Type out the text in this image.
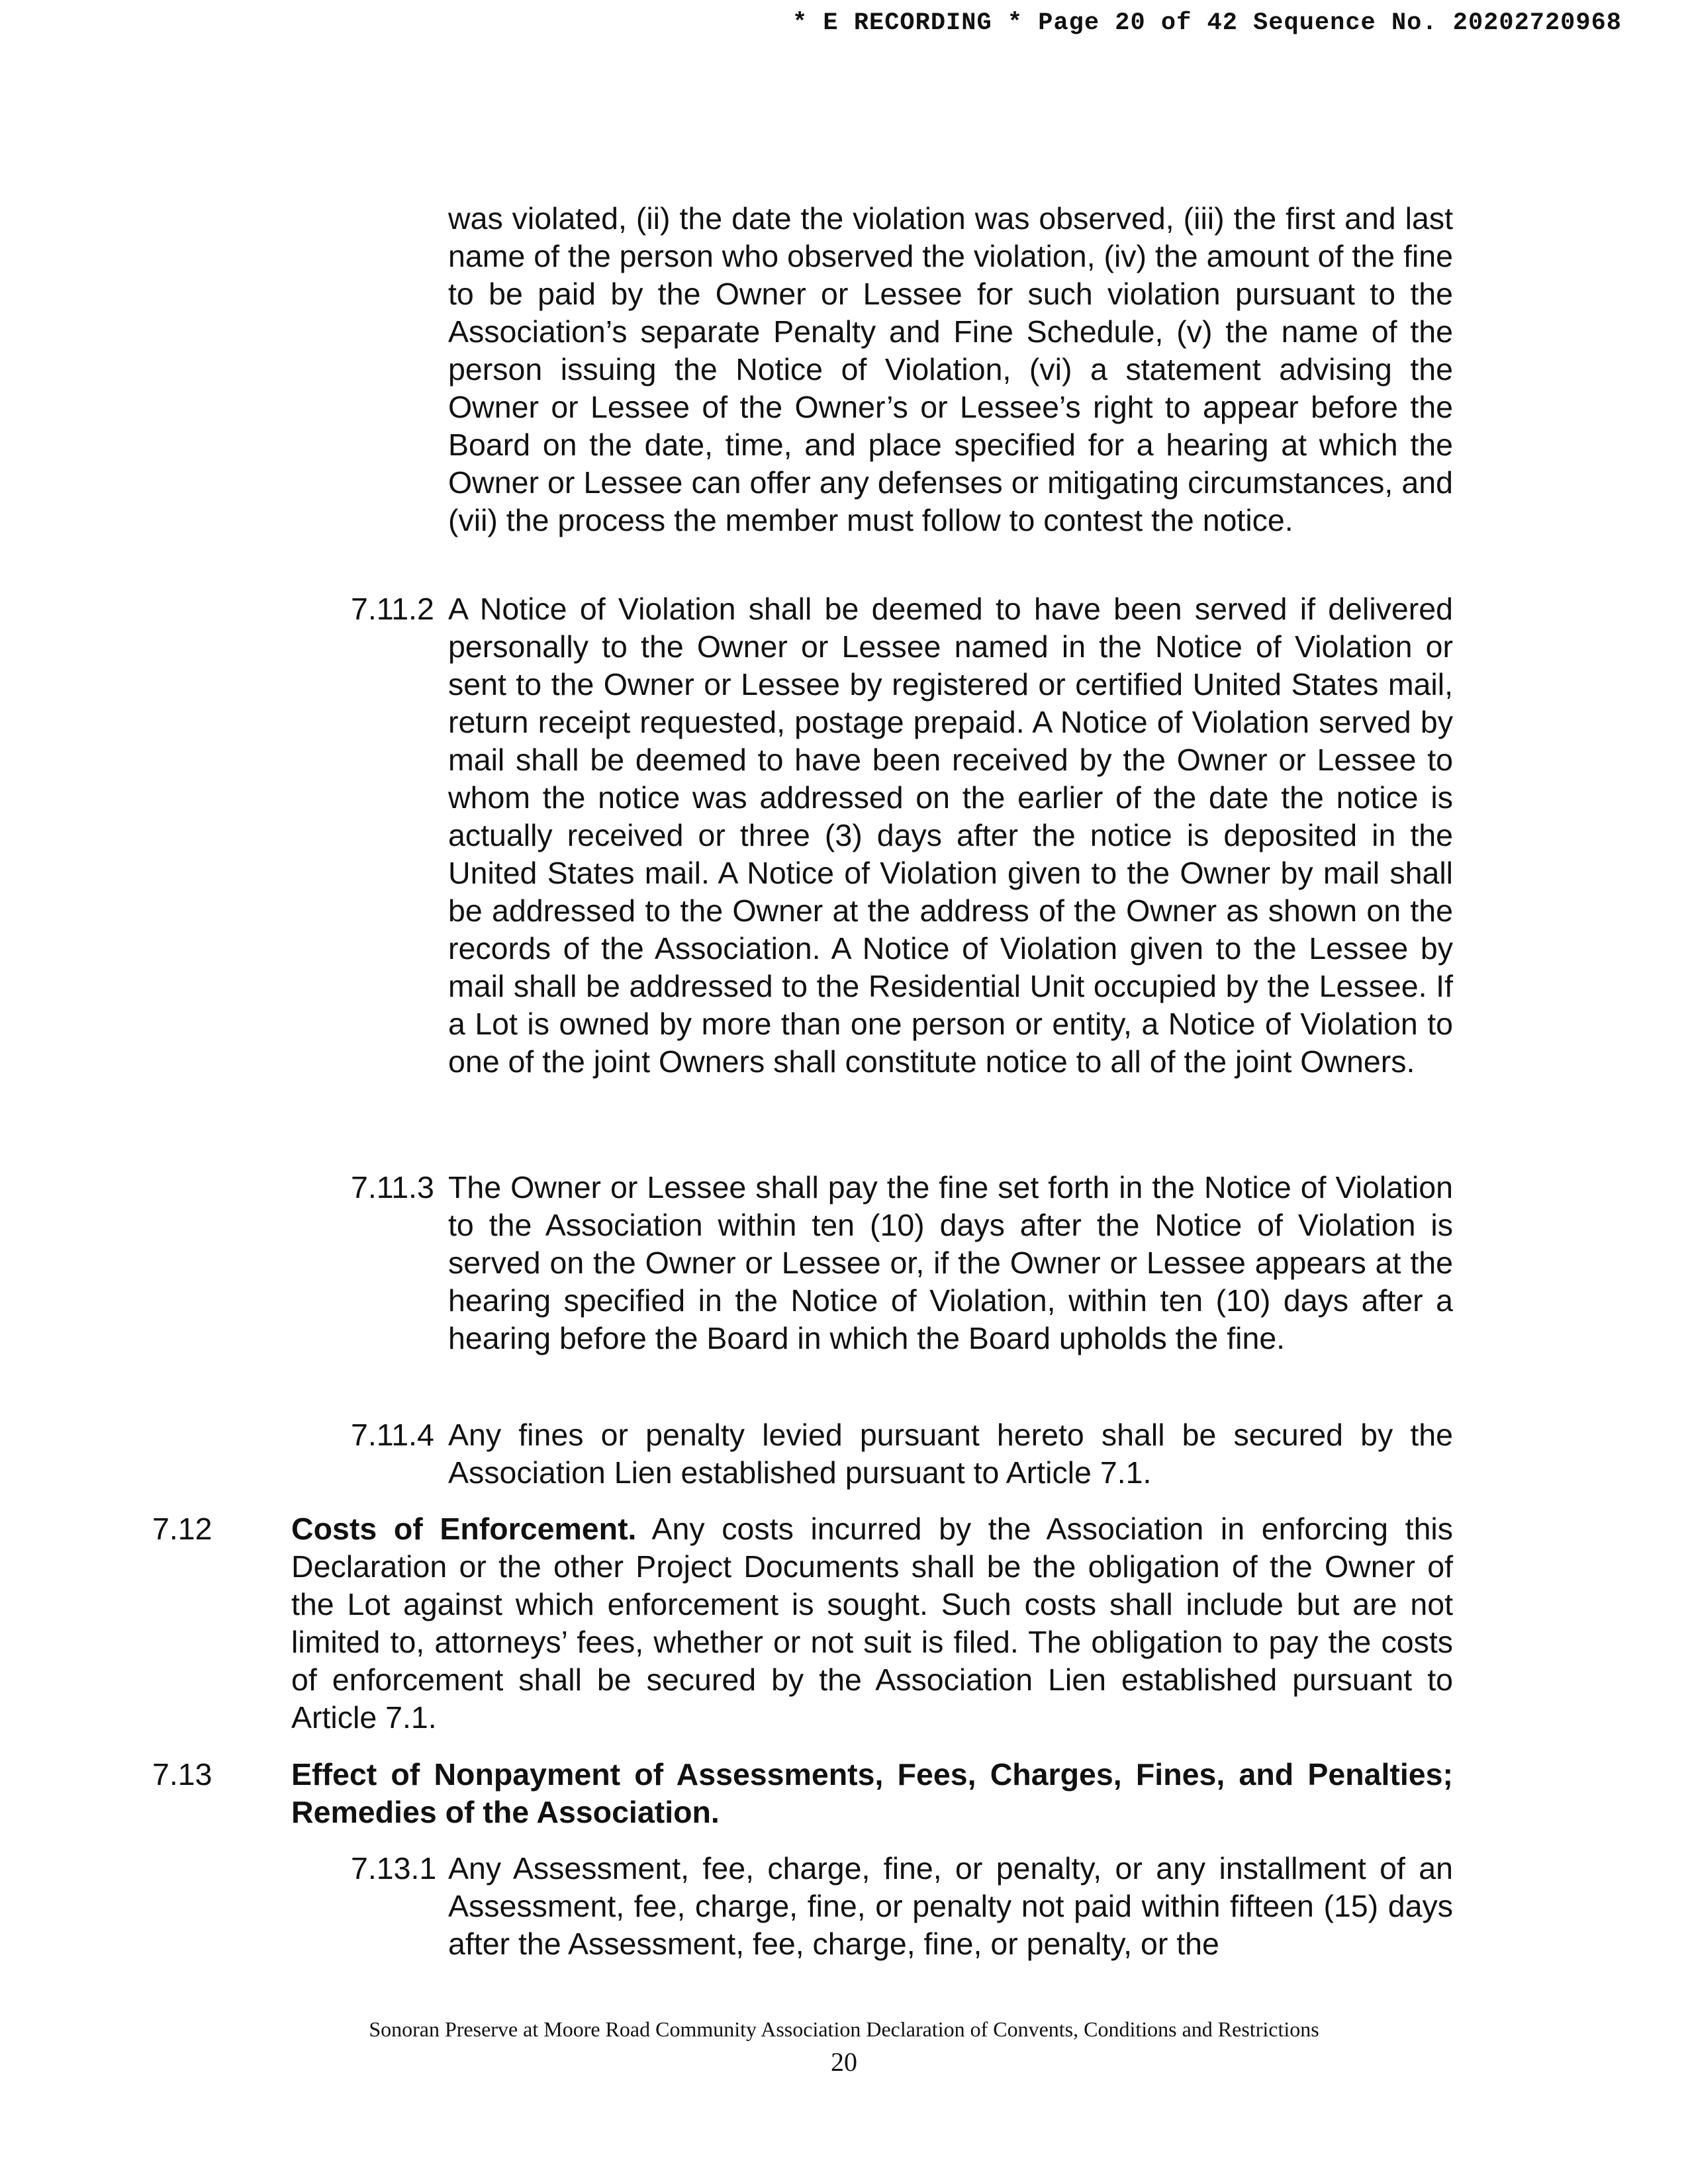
* E RECORDING * Page 20 of 42 Sequence No. 20202720968

was violated, (ii) the date the violation was observed, (iii) the first and last name of the person who observed the violation, (iv) the amount of the fine to be paid by the Owner or Lessee for such violation pursuant to the Association’s separate Penalty and Fine Schedule, (v) the name of the person issuing the Notice of Violation, (vi) a statement advising the Owner or Lessee of the Owner’s or Lessee’s right to appear before the Board on the date, time, and place specified for a hearing at which the Owner or Lessee can offer any defenses or mitigating circumstances, and (vii) the process the member must follow to contest the notice.

7.11.2 A Notice of Violation shall be deemed to have been served if delivered personally to the Owner or Lessee named in the Notice of Violation or sent to the Owner or Lessee by registered or certified United States mail, return receipt requested, postage prepaid. A Notice of Violation served by mail shall be deemed to have been received by the Owner or Lessee to whom the notice was addressed on the earlier of the date the notice is actually received or three (3) days after the notice is deposited in the United States mail. A Notice of Violation given to the Owner by mail shall be addressed to the Owner at the address of the Owner as shown on the records of the Association. A Notice of Violation given to the Lessee by mail shall be addressed to the Residential Unit occupied by the Lessee. If a Lot is owned by more than one person or entity, a Notice of Violation to one of the joint Owners shall constitute notice to all of the joint Owners.

7.11.3 The Owner or Lessee shall pay the fine set forth in the Notice of Violation to the Association within ten (10) days after the Notice of Violation is served on the Owner or Lessee or, if the Owner or Lessee appears at the hearing specified in the Notice of Violation, within ten (10) days after a hearing before the Board in which the Board upholds the fine.

7.11.4 Any fines or penalty levied pursuant hereto shall be secured by the Association Lien established pursuant to Article 7.1.

7.12	Costs of Enforcement. Any costs incurred by the Association in enforcing this Declaration or the other Project Documents shall be the obligation of the Owner of the Lot against which enforcement is sought. Such costs shall include but are not limited to, attorneys’ fees, whether or not suit is filed. The obligation to pay the costs of enforcement shall be secured by the Association Lien established pursuant to Article 7.1.

7.13	Effect of Nonpayment of Assessments, Fees, Charges, Fines, and Penalties; Remedies of the Association.

7.13.1 Any Assessment, fee, charge, fine, or penalty, or any installment of an Assessment, fee, charge, fine, or penalty not paid within fifteen (15) days after the Assessment, fee, charge, fine, or penalty, or the

Sonoran Preserve at Moore Road Community Association Declaration of Convents, Conditions and Restrictions
20
